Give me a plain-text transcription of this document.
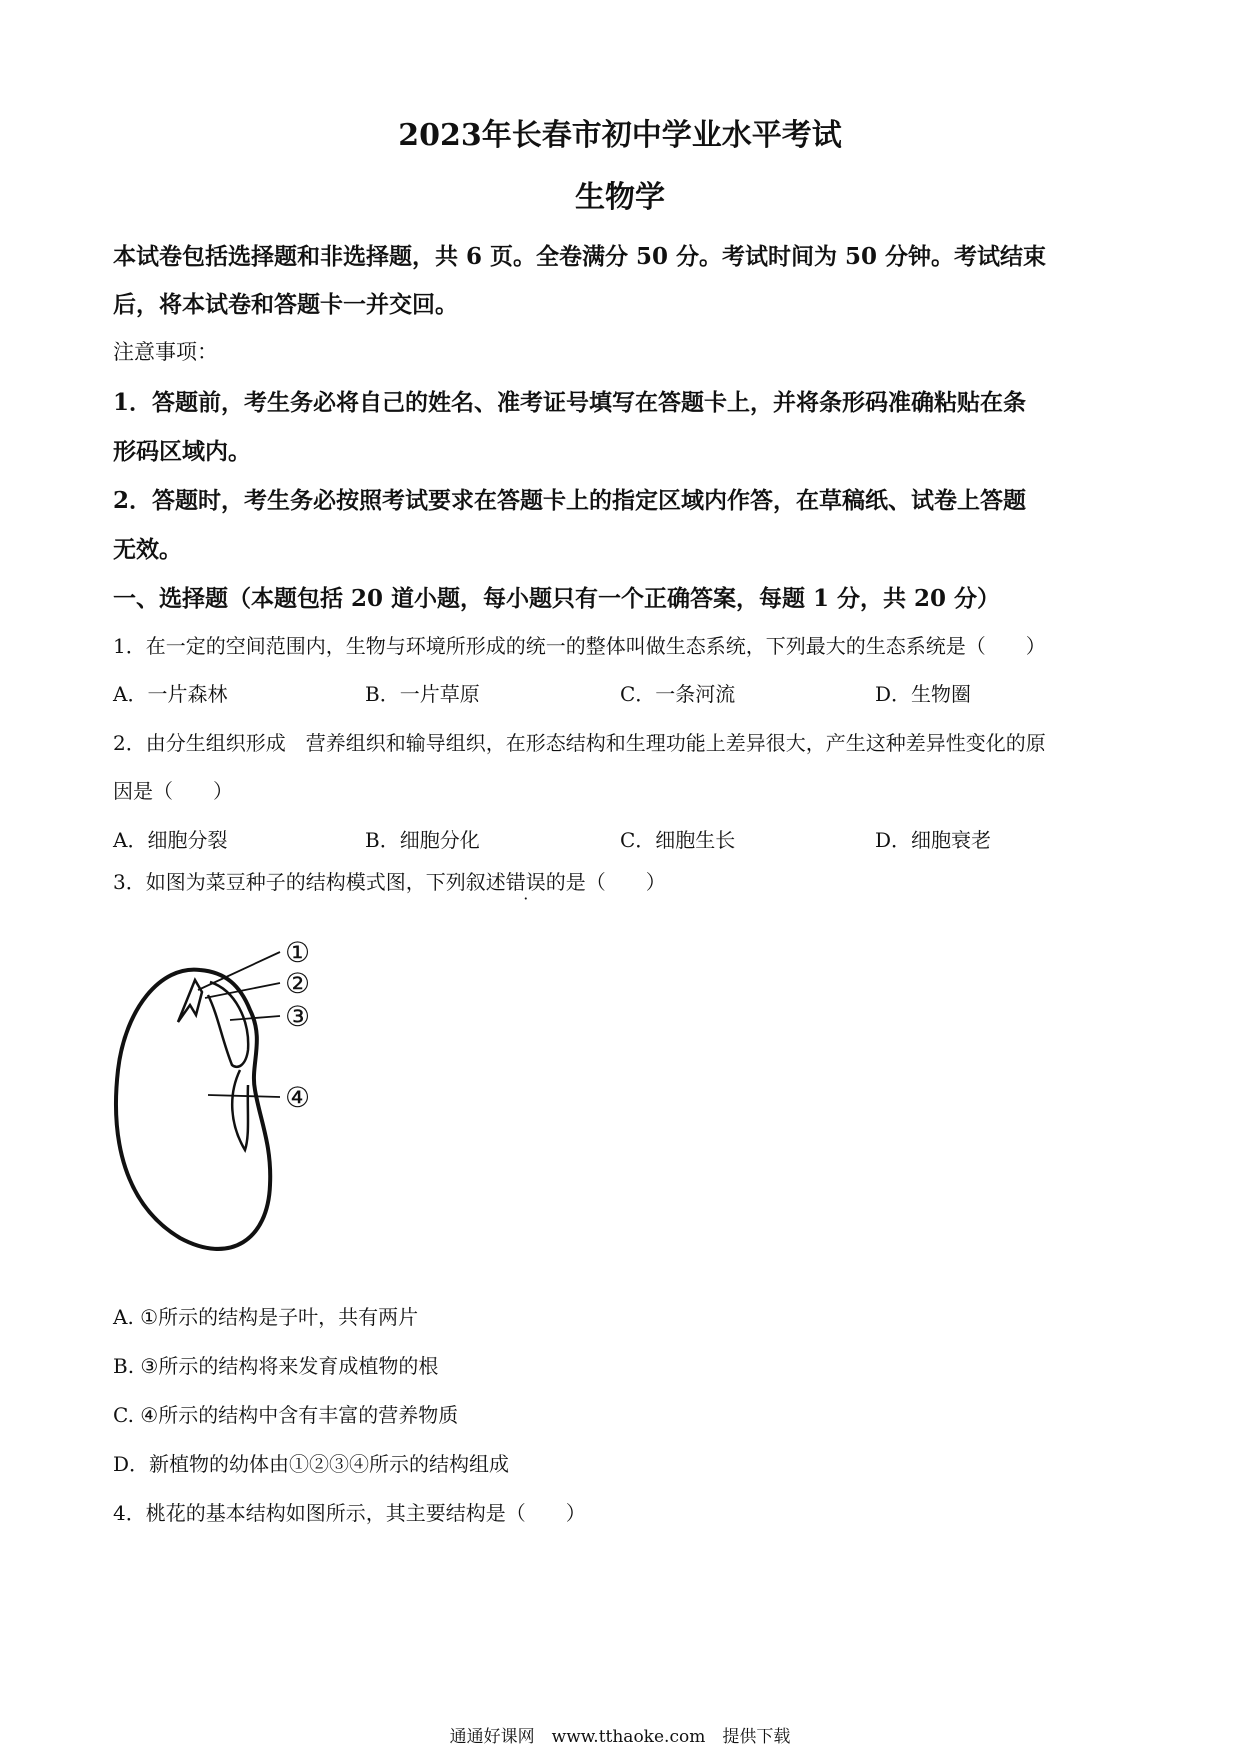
2023年长春市初中学业水平考试
生物学
本试卷包括选择题和非选择题，共 6 页。全卷满分 50 分。考试时间为 50 分钟。考试结束
后，将本试卷和答题卡一并交回。
注意事项：
1．答题前，考生务必将自己的姓名、准考证号填写在答题卡上，并将条形码准确粘贴在条
形码区域内。
2．答题时，考生务必按照考试要求在答题卡上的指定区域内作答，在草稿纸、试卷上答题
无效。
一、选择题（本题包括 20 道小题，每小题只有一个正确答案，每题 1 分，共 20 分）
1．在一定的空间范围内，生物与环境所形成的统一的整体叫做生态系统，下列最大的生态系统是（　　）
A．一片森林	B．一片草原	C．一条河流	D．生物圈
2．由分生组织形成　营养组织和输导组织，在形态结构和生理功能上差异很大，产生这种差异性变化的原
因是（　　）
A．细胞分裂	B．细胞分化	C．细胞生长	D．细胞衰老
3．如图为菜豆种子的结构模式图，下列叙述错误的是（　　）
①
②
③
④
A. ①所示的结构是子叶，共有两片
B. ③所示的结构将来发育成植物的根
C. ④所示的结构中含有丰富的营养物质
D．新植物的幼体由①②③④所示的结构组成
4．桃花的基本结构如图所示，其主要结构是（　　）
通通好课网　www.tthaoke.com　提供下载
